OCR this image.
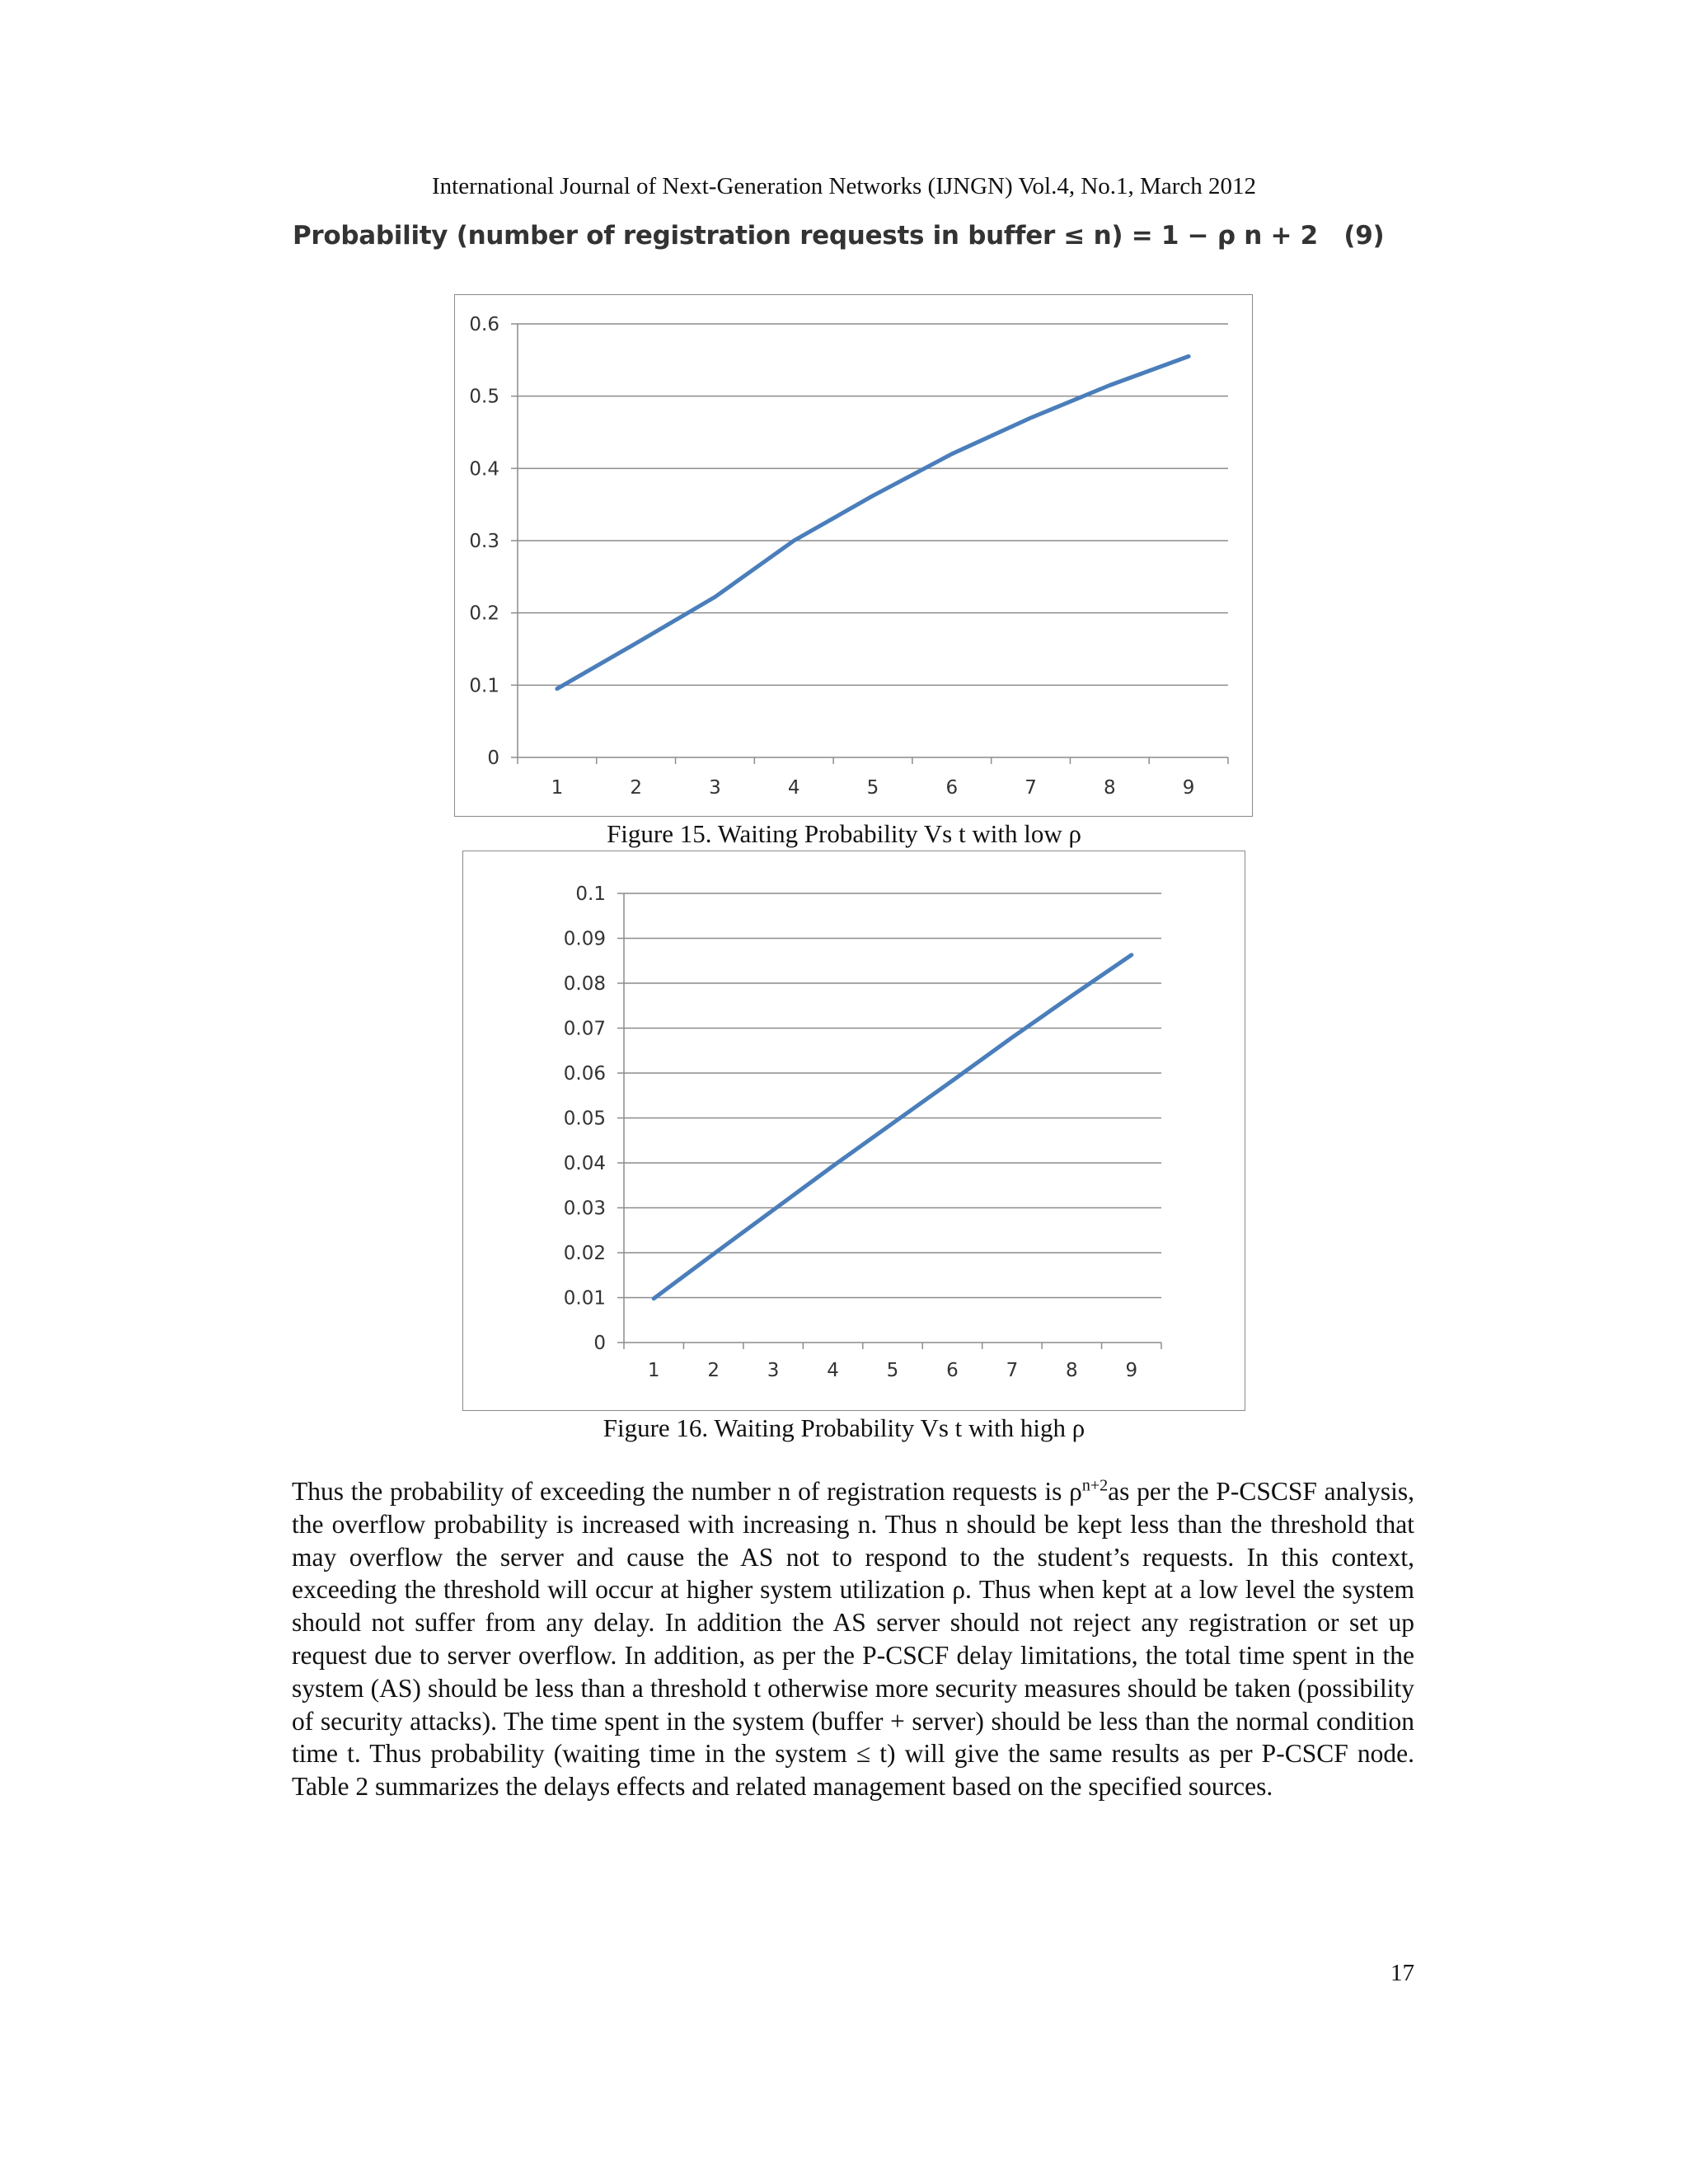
International Journal of Next-Generation Networks (IJNGN) Vol.4, No.1, March 2012
Probability (number of registration requests in buffer ≤ n) = 1 − ρ n + 2   (9)
0
0.1
0.2
0.3
0.4
0.5
0.6
1	2	3	4	5	6	7	8	9
Figure 15. Waiting Probability Vs t with low ρ
0
0.01
0.02
0.03
0.04
0.05
0.06
0.07
0.08
0.09
0.1
1	2	3	4	5	6	7	8	9
Figure 16. Waiting Probability Vs t with high ρ

Thus the probability of exceeding the number n of registration requests is $\rho^{n+2}as$ per the P-CSCSF analysis, the overflow probability is increased with increasing n. Thus n should be kept less than the threshold that may overflow the server and cause the AS not to respond to the student’s requests. In this context, exceeding the threshold will occur at higher system utilization ρ. Thus when kept at a low level the system should not suffer from any delay. In addition the AS server should not reject any registration or set up request due to server overflow. In addition, as per the P-CSCF delay limitations, the total time spent in the system (AS) should be less than a threshold t otherwise more security measures should be taken (possibility of security attacks). The time spent in the system (buffer + server) should be less than the normal condition time t. Thus probability (waiting time in the system ≤ t) will give the same results as per P-CSCF node. Table 2 summarizes the delays effects and related management based on the specified sources.

17
